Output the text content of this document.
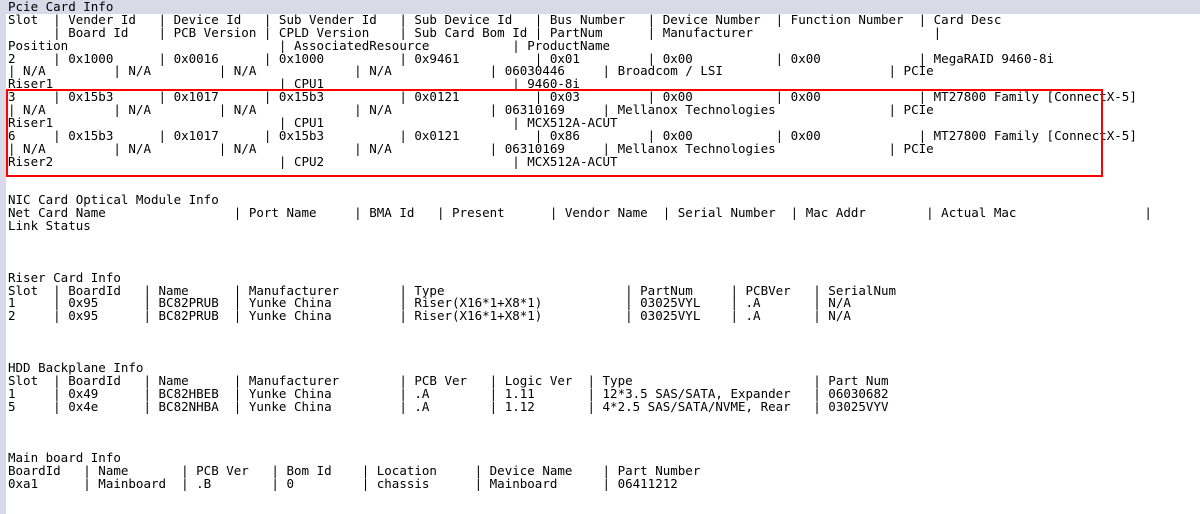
Pcie Card Info
Slot  | Vender Id   | Device Id   | Sub Vender Id   | Sub Device Id   | Bus Number   | Device Number  | Function Number  | Card Desc
| Board Id    | PCB Version | CPLD Version    | Sub Card Bom Id | PartNum      | Manufacturer                        |
Position                            | AssociatedResource           | ProductName
2     | 0x1000      | 0x0016      | 0x1000          | 0x9461          | 0x01         | 0x00           | 0x00             | MegaRAID 9460-8i
| N/A         | N/A         | N/A             | N/A             | 06030446     | Broadcom / LSI                      | PCIe
Riser1                              | CPU1                         | 9460-8i
3     | 0x15b3      | 0x1017      | 0x15b3          | 0x0121          | 0x03         | 0x00           | 0x00             | MT27800 Family [ConnectX-5]
| N/A         | N/A         | N/A             | N/A             | 06310169     | Mellanox Technologies               | PCIe
Riser1                              | CPU1                         | MCX512A-ACUT
6     | 0x15b3      | 0x1017      | 0x15b3          | 0x0121          | 0x86         | 0x00           | 0x00             | MT27800 Family [ConnectX-5]
| N/A         | N/A         | N/A             | N/A             | 06310169     | Mellanox Technologies               | PCIe
Riser2                              | CPU2                         | MCX512A-ACUT
NIC Card Optical Module Info
Net Card Name                 | Port Name     | BMA Id   | Present      | Vendor Name  | Serial Number  | Mac Addr        | Actual Mac                 |
Link Status
Riser Card Info
Slot  | BoardId   | Name      | Manufacturer        | Type                        | PartNum     | PCBVer   | SerialNum
1     | 0x95      | BC82PRUB  | Yunke China         | Riser(X16*1+X8*1)           | 03025VYL    | .A       | N/A
2     | 0x95      | BC82PRUB  | Yunke China         | Riser(X16*1+X8*1)           | 03025VYL    | .A       | N/A
HDD Backplane Info
Slot  | BoardId   | Name      | Manufacturer        | PCB Ver   | Logic Ver  | Type                        | Part Num
1     | 0x49      | BC82HBEB  | Yunke China         | .A        | 1.11       | 12*3.5 SAS/SATA, Expander   | 06030682
5     | 0x4e      | BC82NHBA  | Yunke China         | .A        | 1.12       | 4*2.5 SAS/SATA/NVME, Rear   | 03025VYV
Main board Info
BoardId   | Name       | PCB Ver   | Bom Id    | Location     | Device Name    | Part Number
0xa1      | Mainboard  | .B        | 0         | chassis      | Mainboard      | 06411212
